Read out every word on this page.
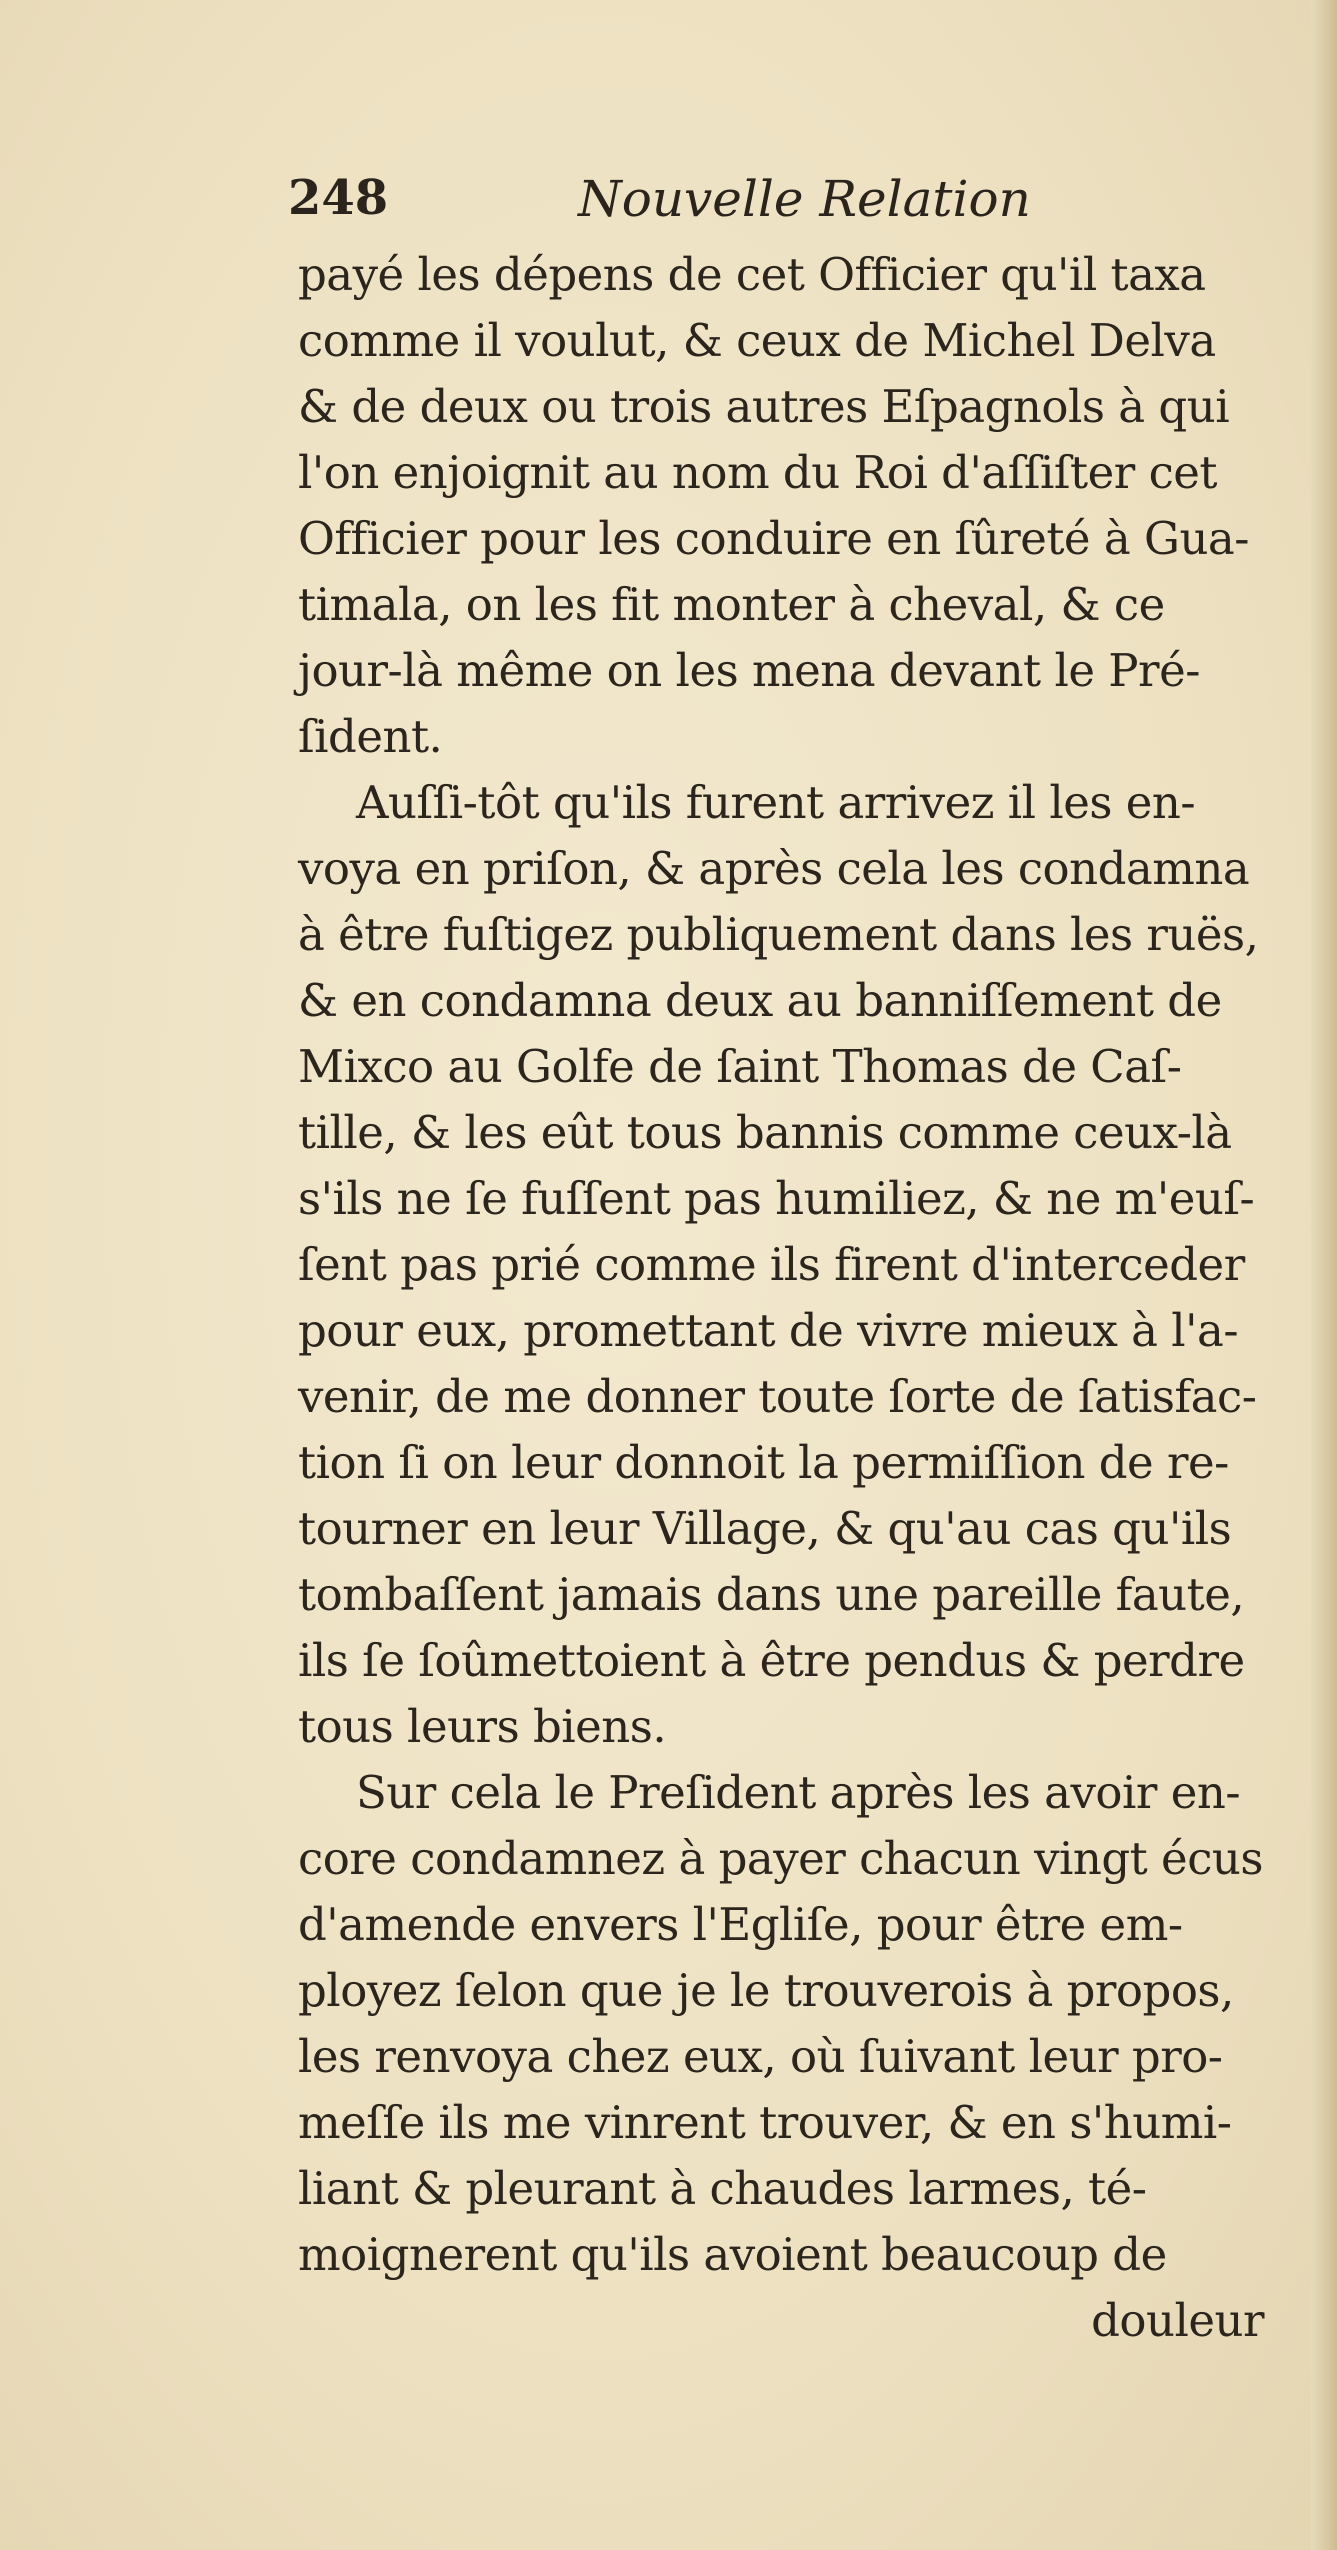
248	Nouvelle Relation
payé les dépens de cet Officier qu'il taxa
comme il voulut, & ceux de Michel Delva
& de deux ou trois autres Eſpagnols à qui
l'on enjoignit au nom du Roi d'aſſiſter cet
Officier pour les conduire en ſûreté à Gua-
timala, on les fit monter à cheval, & ce
jour-là même on les mena devant le Pré-
ſident.
Auſſi-tôt qu'ils furent arrivez il les en-
voya en priſon, & après cela les condamna
à être fuſtigez publiquement dans les ruës,
& en condamna deux au banniſſement de
Mixco au Golfe de ſaint Thomas de Caſ-
tille, & les eût tous bannis comme ceux-là
s'ils ne ſe fuſſent pas humiliez, & ne m'euſ-
ſent pas prié comme ils firent d'interceder
pour eux, promettant de vivre mieux à l'a-
venir, de me donner toute ſorte de ſatisfac-
tion ſi on leur donnoit la permiſſion de re-
tourner en leur Village, & qu'au cas qu'ils
tombaſſent jamais dans une pareille faute,
ils ſe ſoûmettoient à être pendus & perdre
tous leurs biens.
Sur cela le Preſident après les avoir en-
core condamnez à payer chacun vingt écus
d'amende envers l'Egliſe, pour être em-
ployez ſelon que je le trouverois à propos,
les renvoya chez eux, où ſuivant leur pro-
meſſe ils me vinrent trouver, & en s'humi-
liant & pleurant à chaudes larmes, té-
moignerent qu'ils avoient beaucoup de
douleur
